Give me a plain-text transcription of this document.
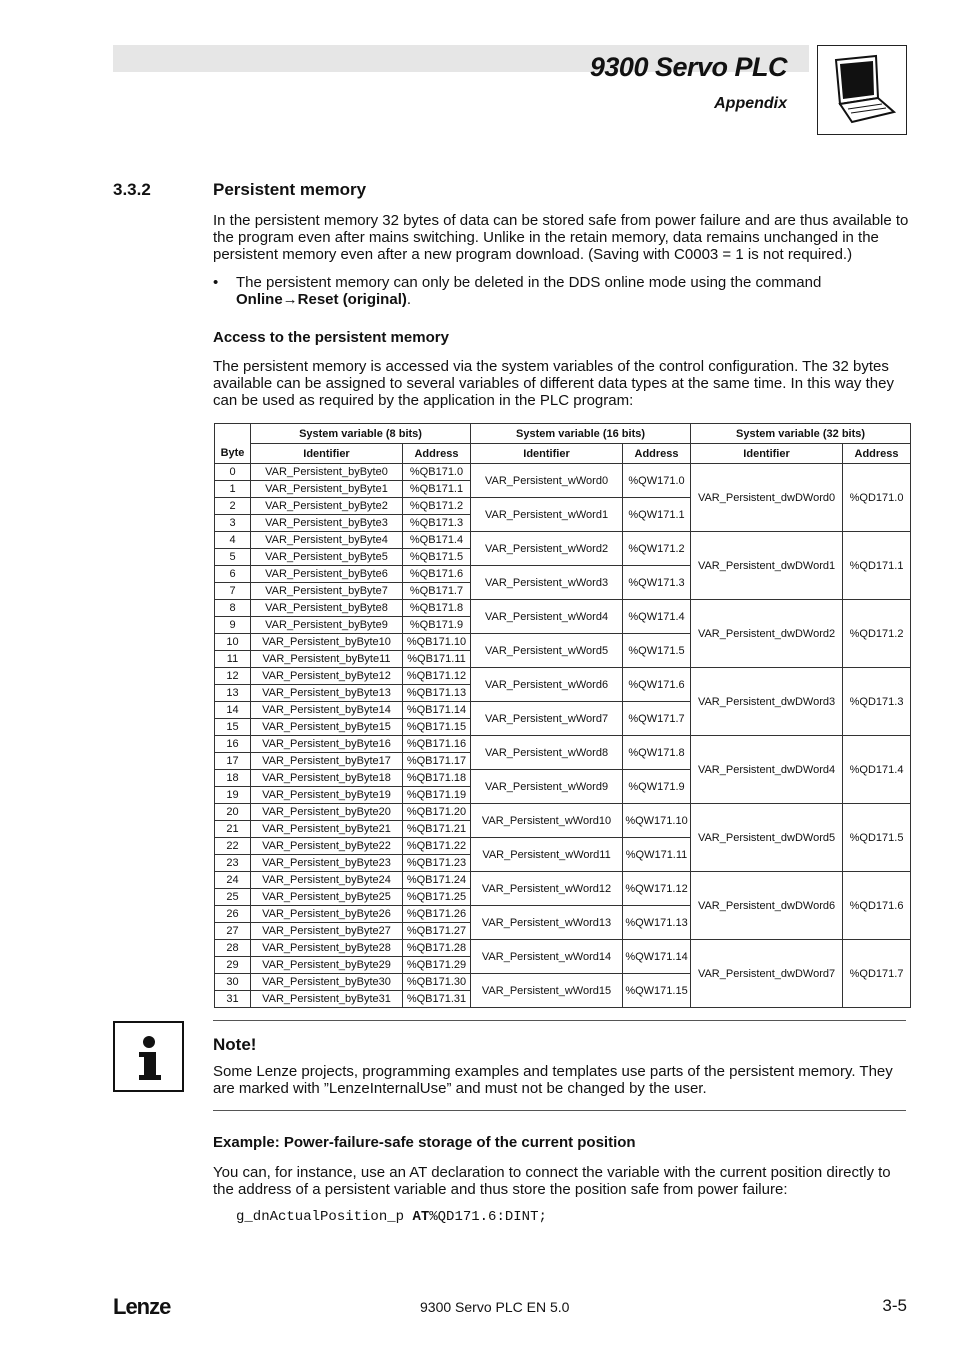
9300 Servo PLC
Appendix
3.3.2	Persistent memory
In the persistent memory 32 bytes of data can be stored safe from power failure and are thus available to the program even after mains switching. Unlike in the retain memory, data remains unchanged in the persistent memory even after a new program download. (Saving with C0003 = 1 is not required.)
• The persistent memory can only be deleted in the DDS online mode using the command
Online→Reset (original).
Access to the persistent memory
The persistent memory is accessed via the system variables of the control configuration. The 32 bytes available can be assigned to several variables of different data types at the same time. In this way they can be used as required by the application in the PLC program:
	System variable (8 bits)		System variable (16 bits)		System variable (32 bits)	
Byte	Identifier	Address	Identifier	Address	Identifier	Address
0	VAR_Persistent_byByte0	%QB171.0	VAR_Persistent_wWord0	%QW171.0	VAR_Persistent_dwDWord0	%QD171.0
1	VAR_Persistent_byByte1	%QB171.1				
2	VAR_Persistent_byByte2	%QB171.2	VAR_Persistent_wWord1	%QW171.1		
3	VAR_Persistent_byByte3	%QB171.3				
4	VAR_Persistent_byByte4	%QB171.4	VAR_Persistent_wWord2	%QW171.2	VAR_Persistent_dwDWord1	%QD171.1
5	VAR_Persistent_byByte5	%QB171.5				
6	VAR_Persistent_byByte6	%QB171.6	VAR_Persistent_wWord3	%QW171.3		
7	VAR_Persistent_byByte7	%QB171.7				
8	VAR_Persistent_byByte8	%QB171.8	VAR_Persistent_wWord4	%QW171.4	VAR_Persistent_dwDWord2	%QD171.2
9	VAR_Persistent_byByte9	%QB171.9				
10	VAR_Persistent_byByte10	%QB171.10	VAR_Persistent_wWord5	%QW171.5		
11	VAR_Persistent_byByte11	%QB171.11				
12	VAR_Persistent_byByte12	%QB171.12	VAR_Persistent_wWord6	%QW171.6	VAR_Persistent_dwDWord3	%QD171.3
13	VAR_Persistent_byByte13	%QB171.13				
14	VAR_Persistent_byByte14	%QB171.14	VAR_Persistent_wWord7	%QW171.7		
15	VAR_Persistent_byByte15	%QB171.15				
16	VAR_Persistent_byByte16	%QB171.16	VAR_Persistent_wWord8	%QW171.8	VAR_Persistent_dwDWord4	%QD171.4
17	VAR_Persistent_byByte17	%QB171.17				
18	VAR_Persistent_byByte18	%QB171.18	VAR_Persistent_wWord9	%QW171.9		
19	VAR_Persistent_byByte19	%QB171.19				
20	VAR_Persistent_byByte20	%QB171.20	VAR_Persistent_wWord10	%QW171.10	VAR_Persistent_dwDWord5	%QD171.5
21	VAR_Persistent_byByte21	%QB171.21				
22	VAR_Persistent_byByte22	%QB171.22	VAR_Persistent_wWord11	%QW171.11		
23	VAR_Persistent_byByte23	%QB171.23				
24	VAR_Persistent_byByte24	%QB171.24	VAR_Persistent_wWord12	%QW171.12	VAR_Persistent_dwDWord6	%QD171.6
25	VAR_Persistent_byByte25	%QB171.25				
26	VAR_Persistent_byByte26	%QB171.26	VAR_Persistent_wWord13	%QW171.13		
27	VAR_Persistent_byByte27	%QB171.27				
28	VAR_Persistent_byByte28	%QB171.28	VAR_Persistent_wWord14	%QW171.14	VAR_Persistent_dwDWord7	%QD171.7
29	VAR_Persistent_byByte29	%QB171.29				
30	VAR_Persistent_byByte30	%QB171.30	VAR_Persistent_wWord15	%QW171.15		
31	VAR_Persistent_byByte31	%QB171.31				
Note!
Some Lenze projects, programming examples and templates use parts of the persistent memory. They are marked with ”LenzeInternalUse” and must not be changed by the user.
Example: Power-failure-safe storage of the current position
You can, for instance, use an AT declaration to connect the variable with the current position directly to the address of a persistent variable and thus store the position safe from power failure:
g_dnActualPosition_p AT%QD171.6:DINT;
Lenze	9300 Servo PLC EN 5.0	3-5
